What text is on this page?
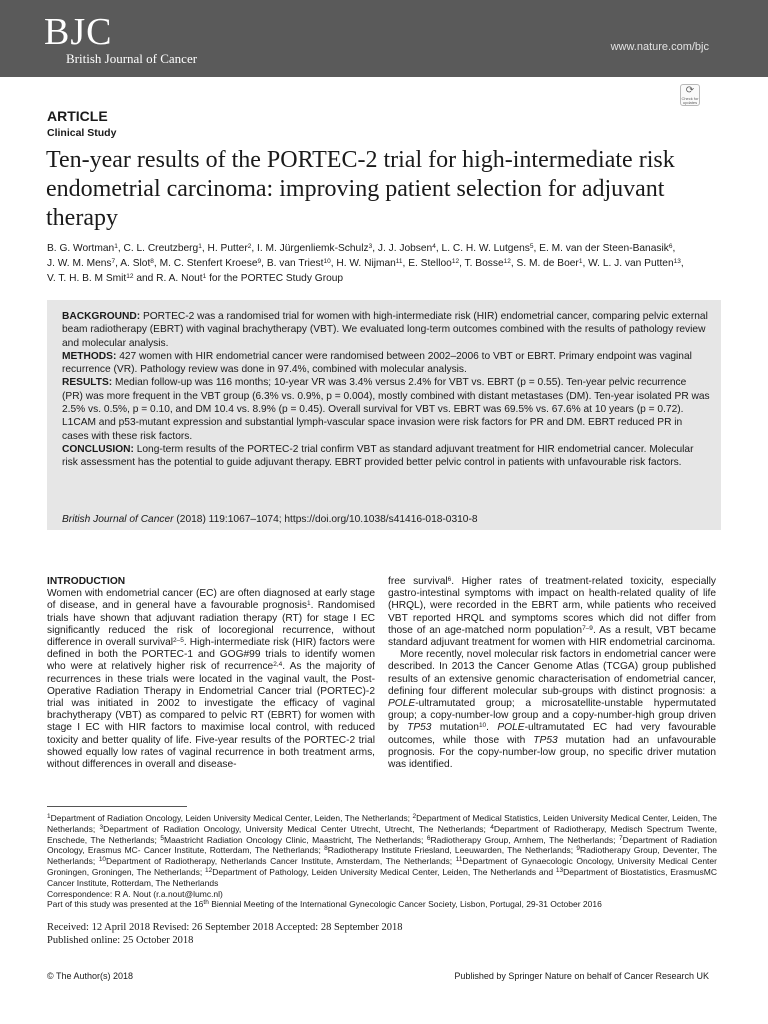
BJC
British Journal of Cancer
www.nature.com/bjc
⟳
Check for updates
ARTICLE
Clinical Study
Ten-year results of the PORTEC-2 trial for high-intermediate risk endometrial carcinoma: improving patient selection for adjuvant therapy
B. G. Wortman$^1$, C. L. Creutzberg$^1$, H. Putter$^2$, I. M. Jürgenliemk-Schulz$^3$, J. J. Jobsen$^4$, L. C. H. W. Lutgens$^5$, E. M. van der Steen-Banasik$^6$, J. W. M. Mens$^7$, A. Slot$^8$, M. C. Stenfert Kroese$^9$, B. van Triest$^{10}$, H. W. Nijman$^{11}$, E. Stelloo$^{12}$, T. Bosse$^{12}$, S. M. de Boer$^1$, W. L. J. van Putten$^{13}$, V. T. H. B. M Smit$^{12}$ and R. A. Nout$^1$ for the PORTEC Study Group

BACKGROUND: PORTEC-2 was a randomised trial for women with high-intermediate risk (HIR) endometrial cancer, comparing pelvic external beam radiotherapy (EBRT) with vaginal brachytherapy (VBT). We evaluated long-term outcomes combined with the results of pathology review and molecular analysis.
METHODS: 427 women with HIR endometrial cancer were randomised between 2002–2006 to VBT or EBRT. Primary endpoint was vaginal recurrence (VR). Pathology review was done in 97.4%, combined with molecular analysis.
RESULTS: Median follow-up was 116 months; 10-year VR was 3.4% versus 2.4% for VBT vs. EBRT (p = 0.55). Ten-year pelvic recurrence (PR) was more frequent in the VBT group (6.3% vs. 0.9%, p = 0.004), mostly combined with distant metastases (DM). Ten-year isolated PR was 2.5% vs. 0.5%, p = 0.10, and DM 10.4 vs. 8.9% (p = 0.45). Overall survival for VBT vs. EBRT was 69.5% vs. 67.6% at 10 years (p = 0.72). L1CAM and p53-mutant expression and substantial lymph-vascular space invasion were risk factors for PR and DM. EBRT reduced PR in cases with these risk factors.
CONCLUSION: Long-term results of the PORTEC-2 trial confirm VBT as standard adjuvant treatment for HIR endometrial cancer. Molecular risk assessment has the potential to guide adjuvant therapy. EBRT provided better pelvic control in patients with unfavourable risk factors.

British Journal of Cancer (2018) 119:1067–1074; https://doi.org/10.1038/s41416-018-0310-8

INTRODUCTION

Women with endometrial cancer (EC) are often diagnosed at early stage of disease, and in general have a favourable prognosis$^1$. Randomised trials have shown that adjuvant radiation therapy (RT) for stage I EC significantly reduced the risk of locoregional recurrence, without difference in overall survival$^{2-5}$. High-intermediate risk (HIR) factors were defined in both the PORTEC-1 and GOG#99 trials to identify women who were at relatively higher risk of recurrence$^{2,4}$. As the majority of recurrences in these trials were located in the vaginal vault, the Post-Operative Radiation Therapy in Endometrial Cancer trial (PORTEC)-2 trial was initiated in 2002 to investigate the efficacy of vaginal brachytherapy (VBT) as compared to pelvic RT (EBRT) for women with stage I EC with HIR factors to maximise local control, with reduced toxicity and better quality of life. Five-year results of the PORTEC-2 trial showed equally low rates of vaginal recurrence in both treatment arms, without differences in overall and disease-

free survival$^6$. Higher rates of treatment-related toxicity, especially gastro-intestinal symptoms with impact on health-related quality of life (HRQL), were recorded in the EBRT arm, while patients who received VBT reported HRQL and symptoms scores which did not differ from those of an age-matched norm population$^{7-9}$. As a result, VBT became standard adjuvant treatment for women with HIR endometrial carcinoma.

More recently, novel molecular risk factors in endometrial cancer were described. In 2013 the Cancer Genome Atlas (TCGA) group published results of an extensive genomic characterisation of endometrial cancer, defining four different molecular sub-groups with distinct prognosis: a POLE-ultramutated group; a microsatellite-unstable hypermutated group; a copy-number-low group and a copy-number-high group driven by TP53 mutation$^{10}$. POLE-ultramutated EC had very favourable outcomes, while those with TP53 mutation had an unfavourable prognosis. For the copy-number-low group, no specific driver mutation was identified.

$^1$Department of Radiation Oncology, Leiden University Medical Center, Leiden, The Netherlands; $^2$Department of Medical Statistics, Leiden University Medical Center, Leiden, The Netherlands; $^3$Department of Radiation Oncology, University Medical Center Utrecht, Utrecht, The Netherlands; $^4$Department of Radiotherapy, Medisch Spectrum Twente, Enschede, The Netherlands; $^5$Maastricht Radiation Oncology Clinic, Maastricht, The Netherlands; $^6$Radiotherapy Group, Arnhem, The Netherlands; $^7$Department of Radiation Oncology, Erasmus MC- Cancer Institute, Rotterdam, The Netherlands; $^8$Radiotherapy Institute Friesland, Leeuwarden, The Netherlands; $^9$Radiotherapy Group, Deventer, The Netherlands; $^{10}$Department of Radiotherapy, Netherlands Cancer Institute, Amsterdam, The Netherlands; $^{11}$Department of Gynaecologic Oncology, University Medical Center Groningen, Groningen, The Netherlands; $^{12}$Department of Pathology, Leiden University Medical Center, Leiden, The Netherlands and $^{13}$Department of Biostatistics, ErasmusMC Cancer Institute, Rotterdam, The Netherlands
Correspondence: R A. Nout (r.a.nout@lumc.nl)
Part of this study was presented at the 16th Biennial Meeting of the International Gynecologic Cancer Society, Lisbon, Portugal, 29-31 October 2016
Received: 12 April 2018 Revised: 26 September 2018 Accepted: 28 September 2018
Published online: 25 October 2018
© The Author(s) 2018	Published by Springer Nature on behalf of Cancer Research UK
